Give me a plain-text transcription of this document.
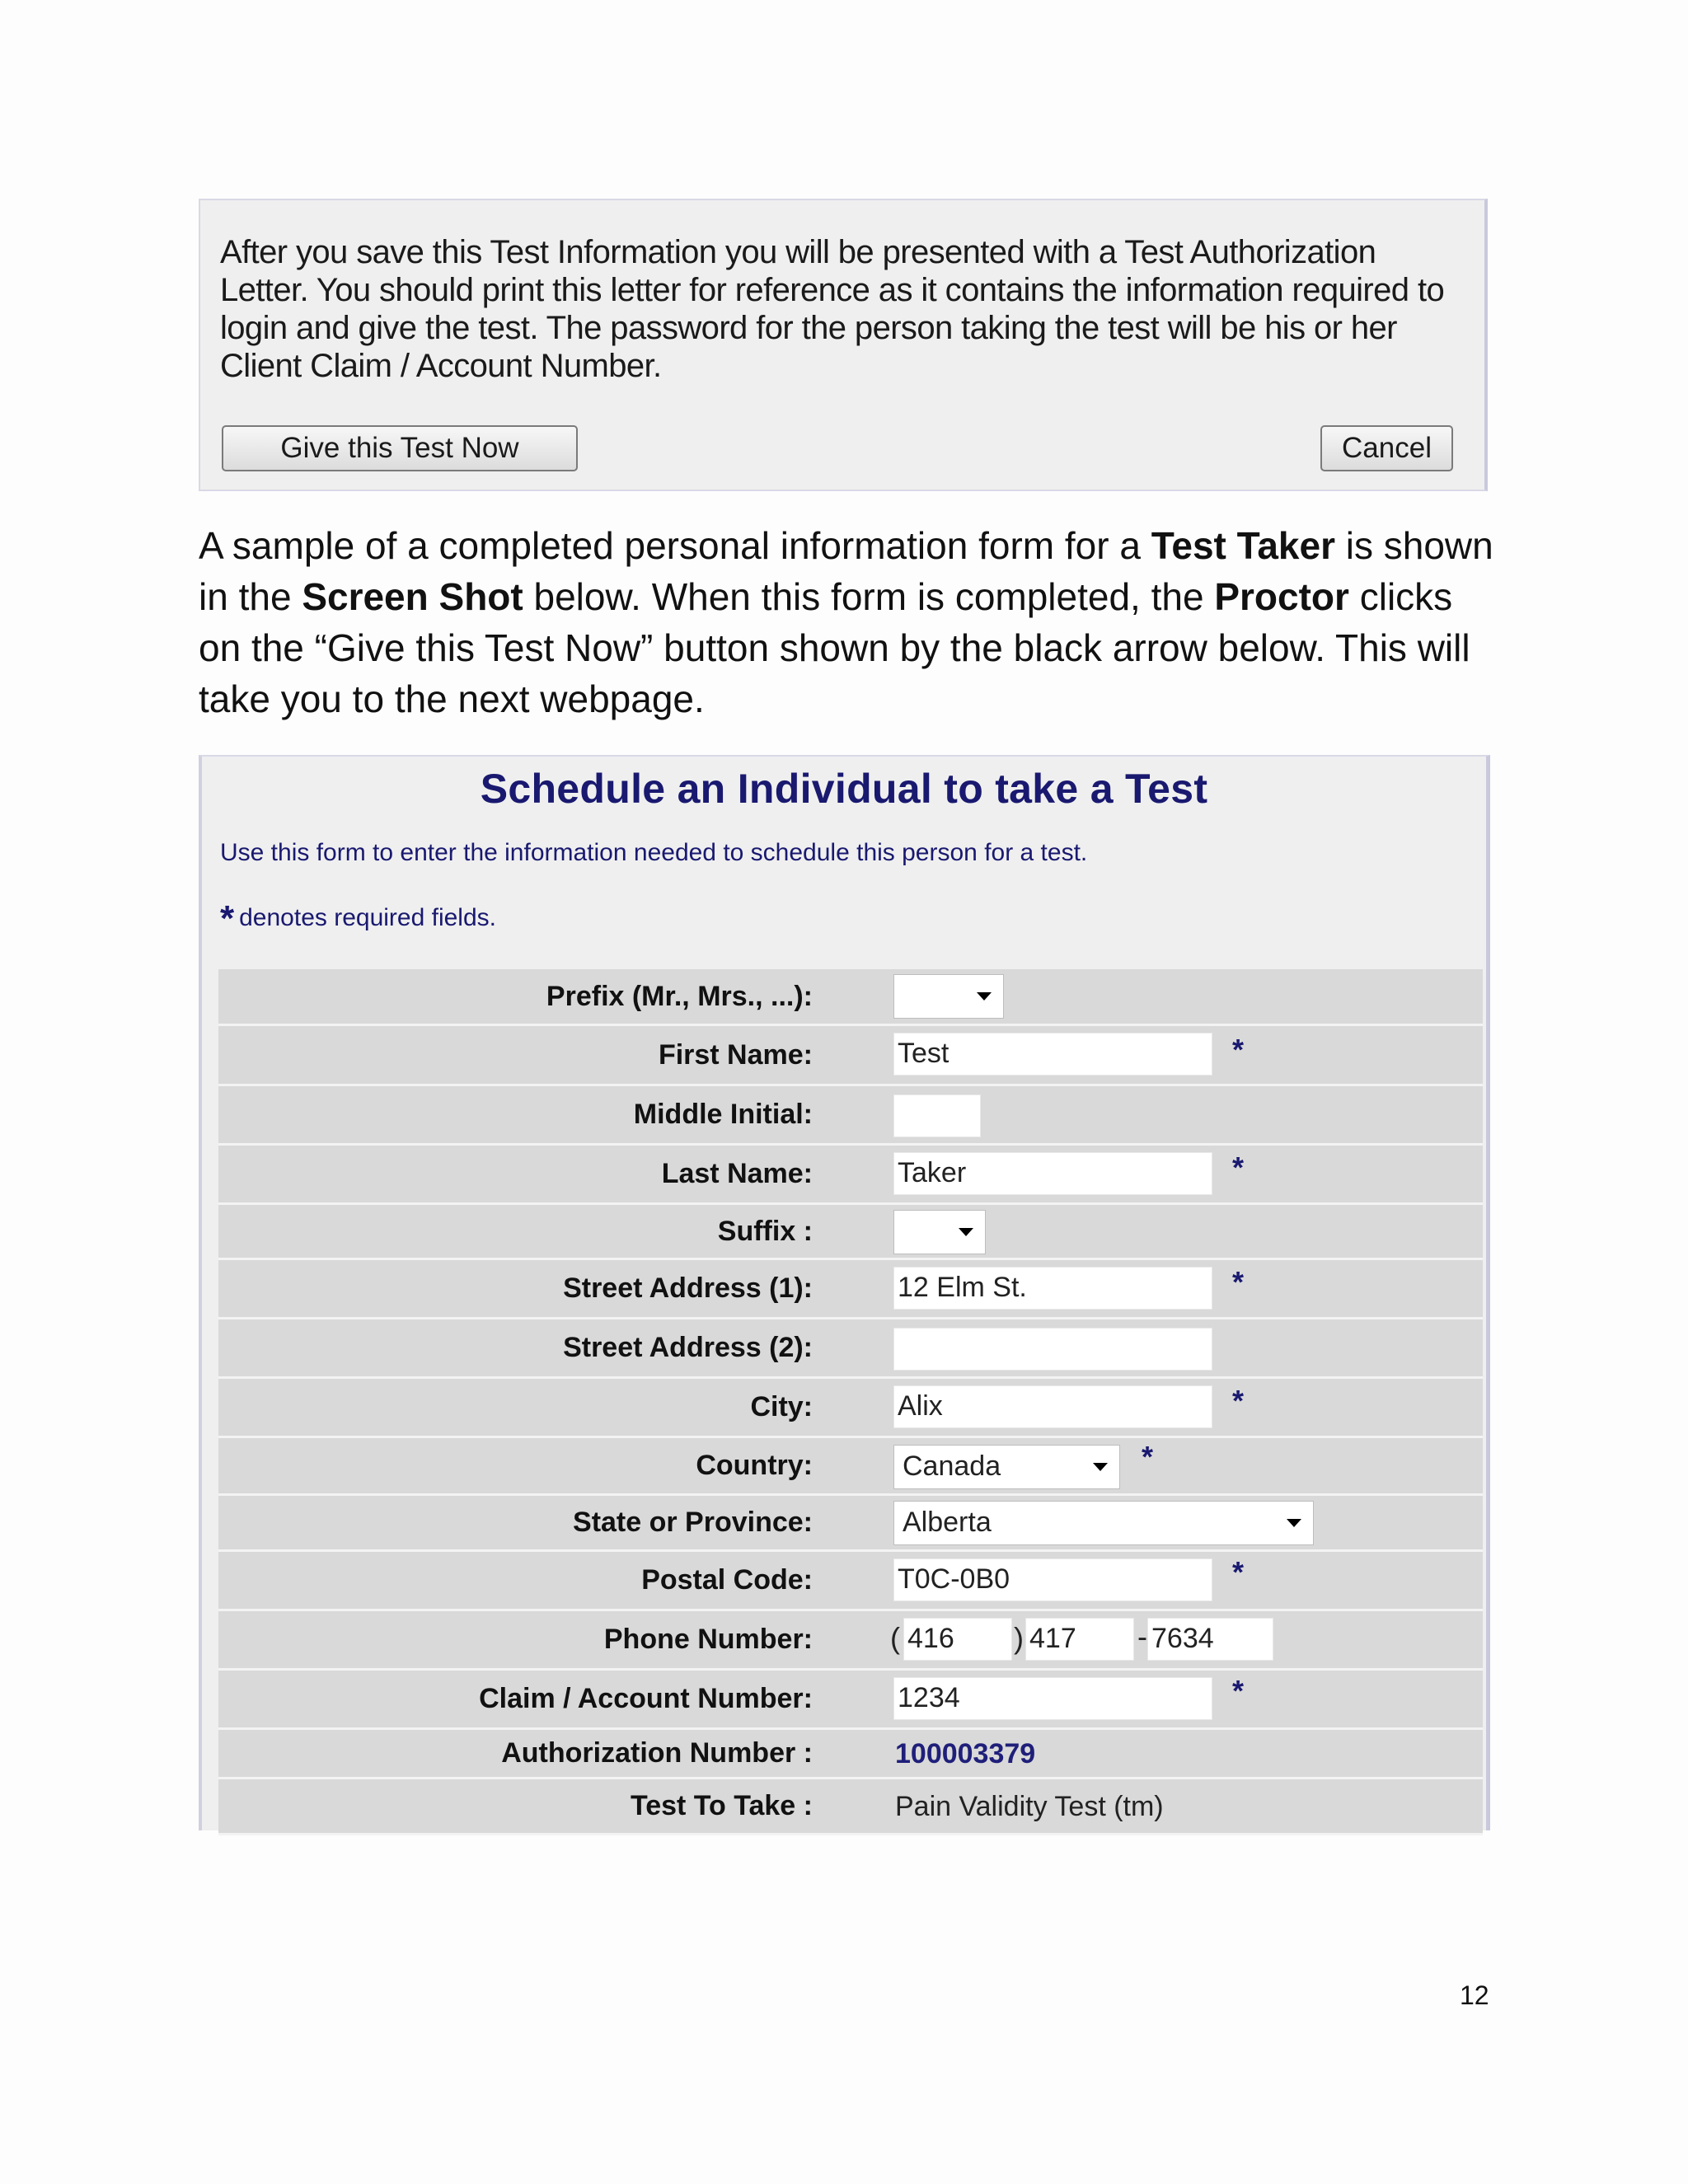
After you save this Test Information you will be presented with a Test Authorization
Letter. You should print this letter for reference as it contains the information required to
login and give the test. The password for the person taking the test will be his or her
Client Claim / Account Number.
Give this Test Now	Cancel
A sample of a completed personal information form for a Test Taker is shown in the Screen Shot below. When this form is completed, the Proctor clicks on the “Give this Test Now” button shown by the black arrow below. This will take you to the next webpage.
Schedule an Individual to take a Test
Use this form to enter the information needed to schedule this person for a test.
* denotes required fields.
Prefix (Mr., Mrs., ...):
First Name:	Test	*
Middle Initial:
Last Name:	Taker	*
Suffix :
Street Address (1):	12 Elm St.	*
Street Address (2):
City:	Alix	*
Country:	Canada	*
State or Province:	Alberta
Postal Code:	T0C-0B0	*
Phone Number:	( 416	) 417	- 7634
Claim / Account Number:	1234	*
Authorization Number :	100003379
Test To Take :	Pain Validity Test (tm)
12
